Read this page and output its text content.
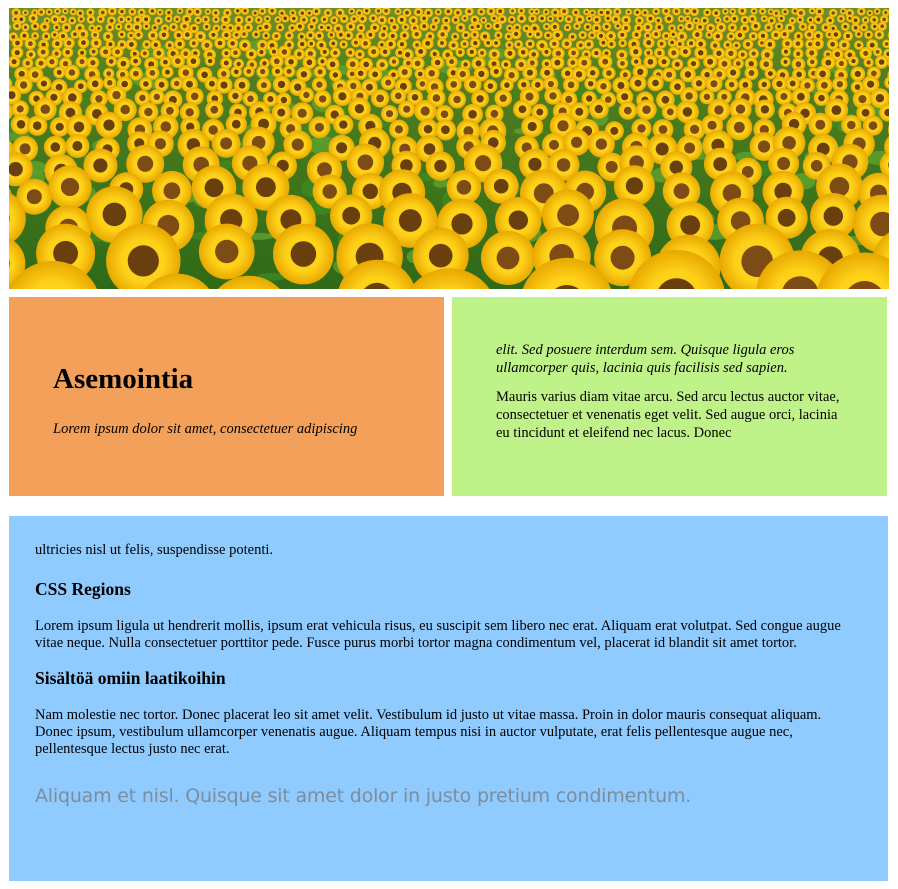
Asemointia
Lorem ipsum dolor sit amet, consectetuer adipiscing

elit. Sed posuere interdum sem. Quisque ligula eros ullamcorper quis, lacinia quis facilisis sed sapien.

Mauris varius diam vitae arcu. Sed arcu lectus auctor vitae, consectetuer et venenatis eget velit. Sed augue orci, lacinia eu tincidunt et eleifend nec lacus. Donec

ultricies nisl ut felis, suspendisse potenti.

CSS Regions

Lorem ipsum ligula ut hendrerit mollis, ipsum erat vehicula risus, eu suscipit sem libero nec erat. Aliquam erat volutpat. Sed congue augue vitae neque. Nulla consectetuer porttitor pede. Fusce purus morbi tortor magna condimentum vel, placerat id blandit sit amet tortor.

Sisältöä omiin laatikoihin

Nam molestie nec tortor. Donec placerat leo sit amet velit. Vestibulum id justo ut vitae massa. Proin in dolor mauris consequat aliquam. Donec ipsum, vestibulum ullamcorper venenatis augue. Aliquam tempus nisi in auctor vulputate, erat felis pellentesque augue nec, pellentesque lectus justo nec erat.

Aliquam et nisl. Quisque sit amet dolor in justo pretium condimentum.
